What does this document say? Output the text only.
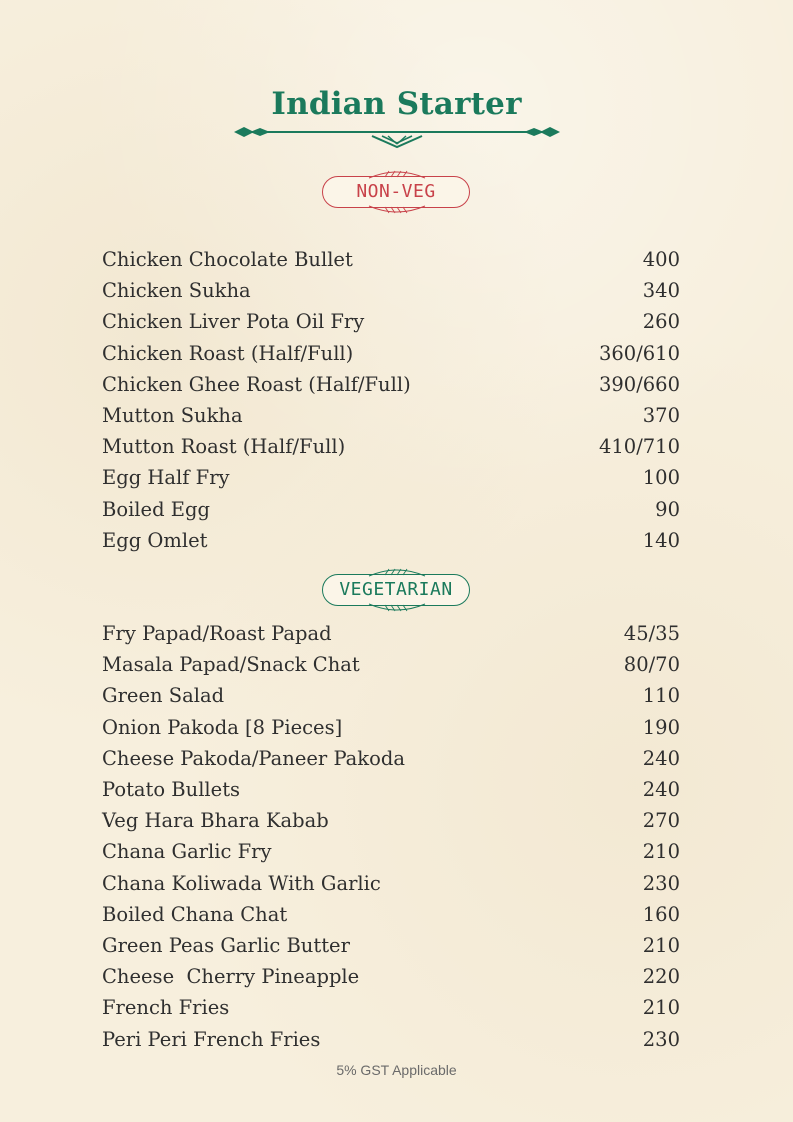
Indian Starter
NON-VEG
Chicken Chocolate Bullet	400
Chicken Sukha	340
Chicken Liver Pota Oil Fry	260
Chicken Roast (Half/Full)	360/610
Chicken Ghee Roast (Half/Full)	390/660
Mutton Sukha	370
Mutton Roast (Half/Full)	410/710
Egg Half Fry	100
Boiled Egg	90
Egg Omlet	140
VEGETARIAN
Fry Papad/Roast Papad	45/35
Masala Papad/Snack Chat	80/70
Green Salad	110
Onion Pakoda [8 Pieces]	190
Cheese Pakoda/Paneer Pakoda	240
Potato Bullets	240
Veg Hara Bhara Kabab	270
Chana Garlic Fry	210
Chana Koliwada With Garlic	230
Boiled Chana Chat	160
Green Peas Garlic Butter	210
Cheese  Cherry Pineapple	220
French Fries	210
Peri Peri French Fries	230
5% GST Applicable
